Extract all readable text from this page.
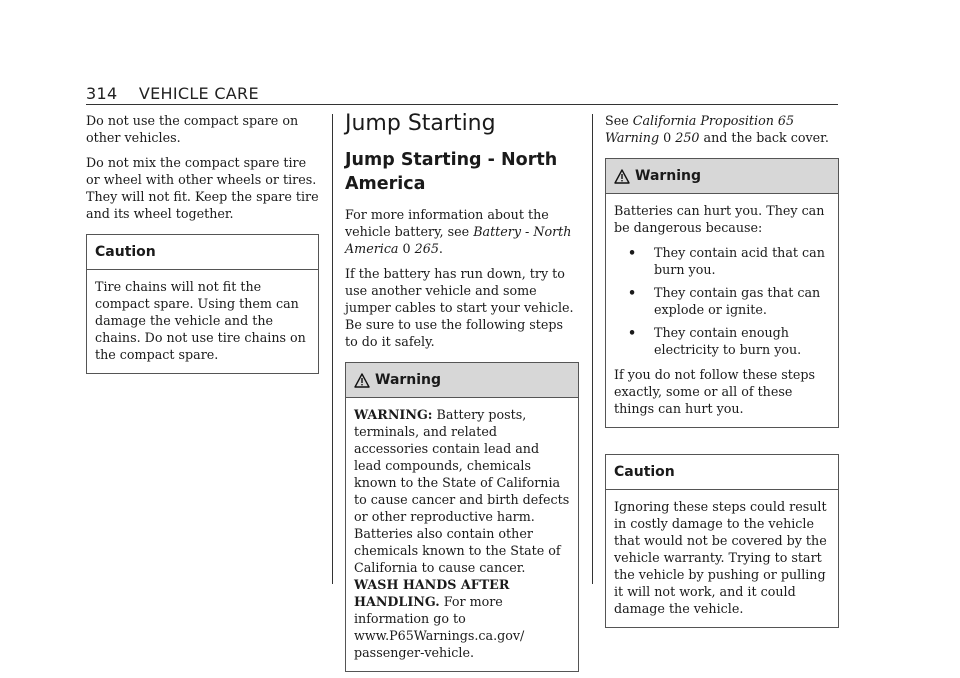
314 VEHICLE CARE

Do not use the compact spare on other vehicles.

Do not mix the compact spare tire or wheel with other wheels or tires. They will not fit. Keep the spare tire and its wheel together.

Caution

Tire chains will not fit the compact spare. Using them can damage the vehicle and the chains. Do not use tire chains on the compact spare.

Jump Starting
Jump Starting - North America

For more information about the vehicle battery, see Battery - North America 0 265.

If the battery has run down, try to use another vehicle and some jumper cables to start your vehicle. Be sure to use the following steps to do it safely.

Warning

WARNING: Battery posts, terminals, and related accessories contain lead and lead compounds, chemicals known to the State of California to cause cancer and birth defects or other reproductive harm. Batteries also contain other chemicals known to the State of California to cause cancer. WASH HANDS AFTER HANDLING. For more information go to www.P65Warnings.ca.gov/ passenger-vehicle.

See California Proposition 65 Warning 0 250 and the back cover.

Warning

Batteries can hurt you. They can be dangerous because:

• They contain acid that can burn you.
• They contain gas that can explode or ignite.
• They contain enough electricity to burn you.

If you do not follow these steps exactly, some or all of these things can hurt you.

Caution

Ignoring these steps could result in costly damage to the vehicle that would not be covered by the vehicle warranty. Trying to start the vehicle by pushing or pulling it will not work, and it could damage the vehicle.
